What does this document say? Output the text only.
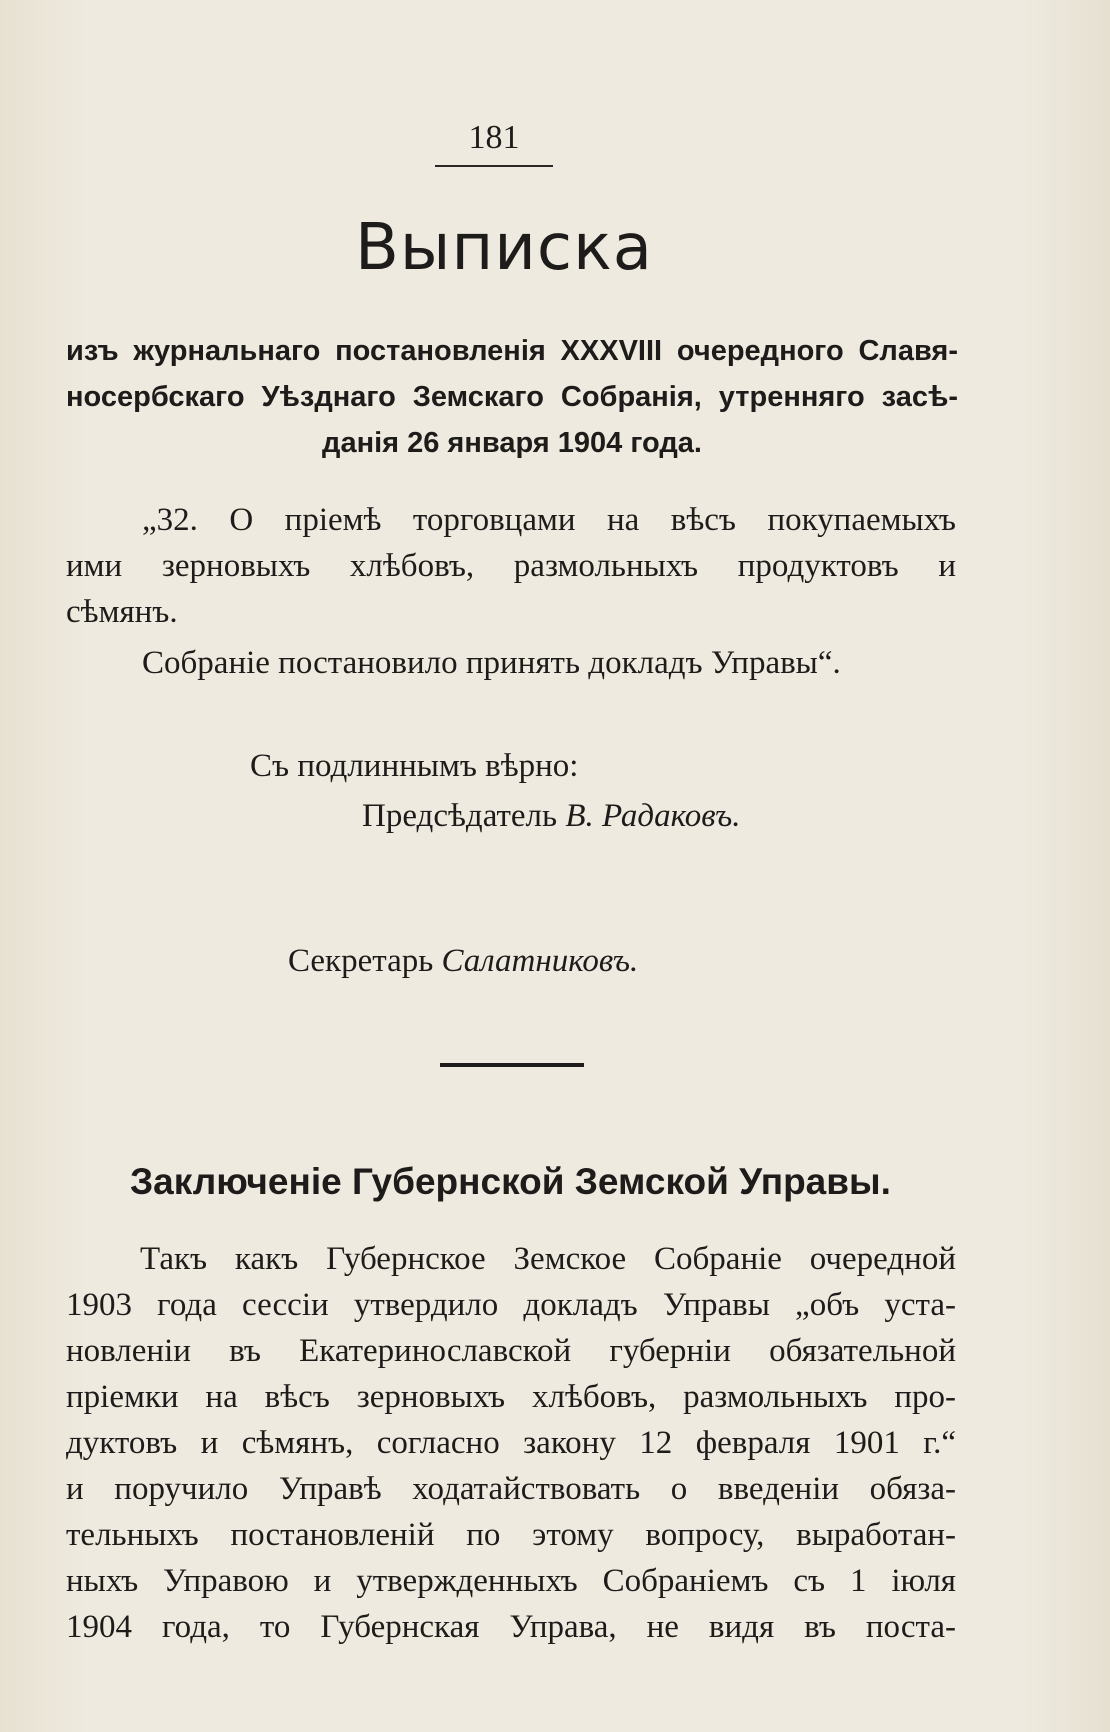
181
Выписка
изъ журнальнаго постановленія XXXVIII очередного Славя-
носербскаго Уѣзднаго Земскаго Собранія, утренняго засѣ-
данія 26 января 1904 года.
„32. О пріемѣ торговцами на вѣсъ покупаемыхъ
ими зерновыхъ хлѣбовъ, размольныхъ продуктовъ и
сѣмянъ.
Собраніе постановило принять докладъ Управы“.
Съ подлиннымъ вѣрно:
Предсѣдатель В. Радаковъ.
Секретарь Салатниковъ.
Заключеніе Губернской Земской Управы.
Такъ какъ Губернское Земское Собраніе очередной
1903 года сессіи утвердило докладъ Управы „объ уста-
новленіи въ Екатеринославской губерніи обязательной
пріемки на вѣсъ зерновыхъ хлѣбовъ, размольныхъ про-
дуктовъ и сѣмянъ, согласно закону 12 февраля 1901 г.“
и поручило Управѣ ходатайствовать о введеніи обяза-
тельныхъ постановленій по этому вопросу, выработан-
ныхъ Управою и утвержденныхъ Собраніемъ съ 1 іюля
1904 года, то Губернская Управа, не видя въ поста-
